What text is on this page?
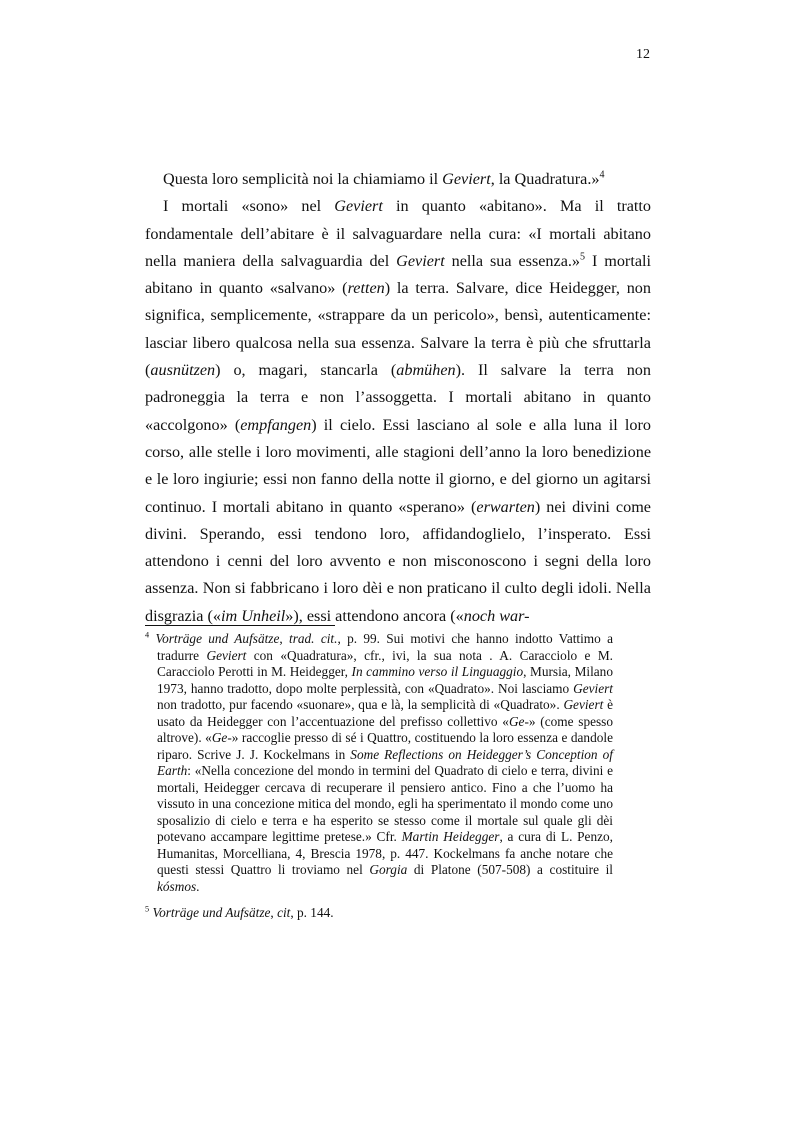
12

Questa loro semplicità noi la chiamiamo il Geviert, la Quadratura.»$^4$

I mortali «sono» nel Geviert in quanto «abitano». Ma il tratto fondamentale dell’abitare è il salvaguardare nella cura: «I mortali abitano nella maniera della salvaguardia del Geviert nella sua essenza.»$^5$ I mortali abitano in quanto «salvano» (retten) la terra. Salvare, dice Heidegger, non significa, semplicemente, «strappare da un pericolo», bensì, autenticamente: lasciar libero qualcosa nella sua essenza. Salvare la terra è più che sfruttarla (ausnützen) o, magari, stancarla (abmühen). Il salvare la terra non padroneggia la terra e non l’assoggetta. I mortali abitano in quanto «accolgono» (empfangen) il cielo. Essi lasciano al sole e alla luna il loro corso, alle stelle i loro movimenti, alle stagioni dell’anno la loro benedizione e le loro ingiurie; essi non fanno della notte il giorno, e del giorno un agitarsi continuo. I mortali abitano in quanto «sperano» (erwarten) nei divini come divini. Sperando, essi tendono loro, affidandoglielo, l’insperato. Essi attendono i cenni del loro avvento e non misconoscono i segni della loro assenza. Non si fabbricano i loro dèi e non praticano il culto degli idoli. Nella disgrazia («im Unheil»), essi attendono ancora («noch war-

$^4$ Vorträge und Aufsätze, trad. cit., p. 99. Sui motivi che hanno indotto Vattimo a tradurre Geviert con «Quadratura», cfr., ivi, la sua nota . A. Caracciolo e M. Caracciolo Perotti in M. Heidegger, In cammino verso il Linguaggio, Mursia, Milano 1973, hanno tradotto, dopo molte perplessità, con «Quadrato». Noi lasciamo Geviert non tradotto, pur facendo «suonare», qua e là, la semplicità di «Quadrato». Geviert è usato da Heidegger con l’accentuazione del prefisso collettivo «Ge-» (come spesso altrove). «Ge-» raccoglie presso di sé i Quattro, costituendo la loro essenza e dandole riparo. Scrive J. J. Kockelmans in Some Reflections on Heidegger’s Conception of Earth: «Nella concezione del mondo in termini del Quadrato di cielo e terra, divini e mortali, Heidegger cercava di recuperare il pensiero antico. Fino a che l’uomo ha vissuto in una concezione mitica del mondo, egli ha sperimentato il mondo come uno sposalizio di cielo e terra e ha esperito se stesso come il mortale sul quale gli dèi potevano accampare legittime pretese.» Cfr. Martin Heidegger, a cura di L. Penzo, Humanitas, Morcelliana, 4, Brescia 1978, p. 447. Kockelmans fa anche notare che questi stessi Quattro li troviamo nel Gorgia di Platone (507-508) a costituire il kósmos.
$^5$ Vorträge und Aufsätze, cit, p. 144.
